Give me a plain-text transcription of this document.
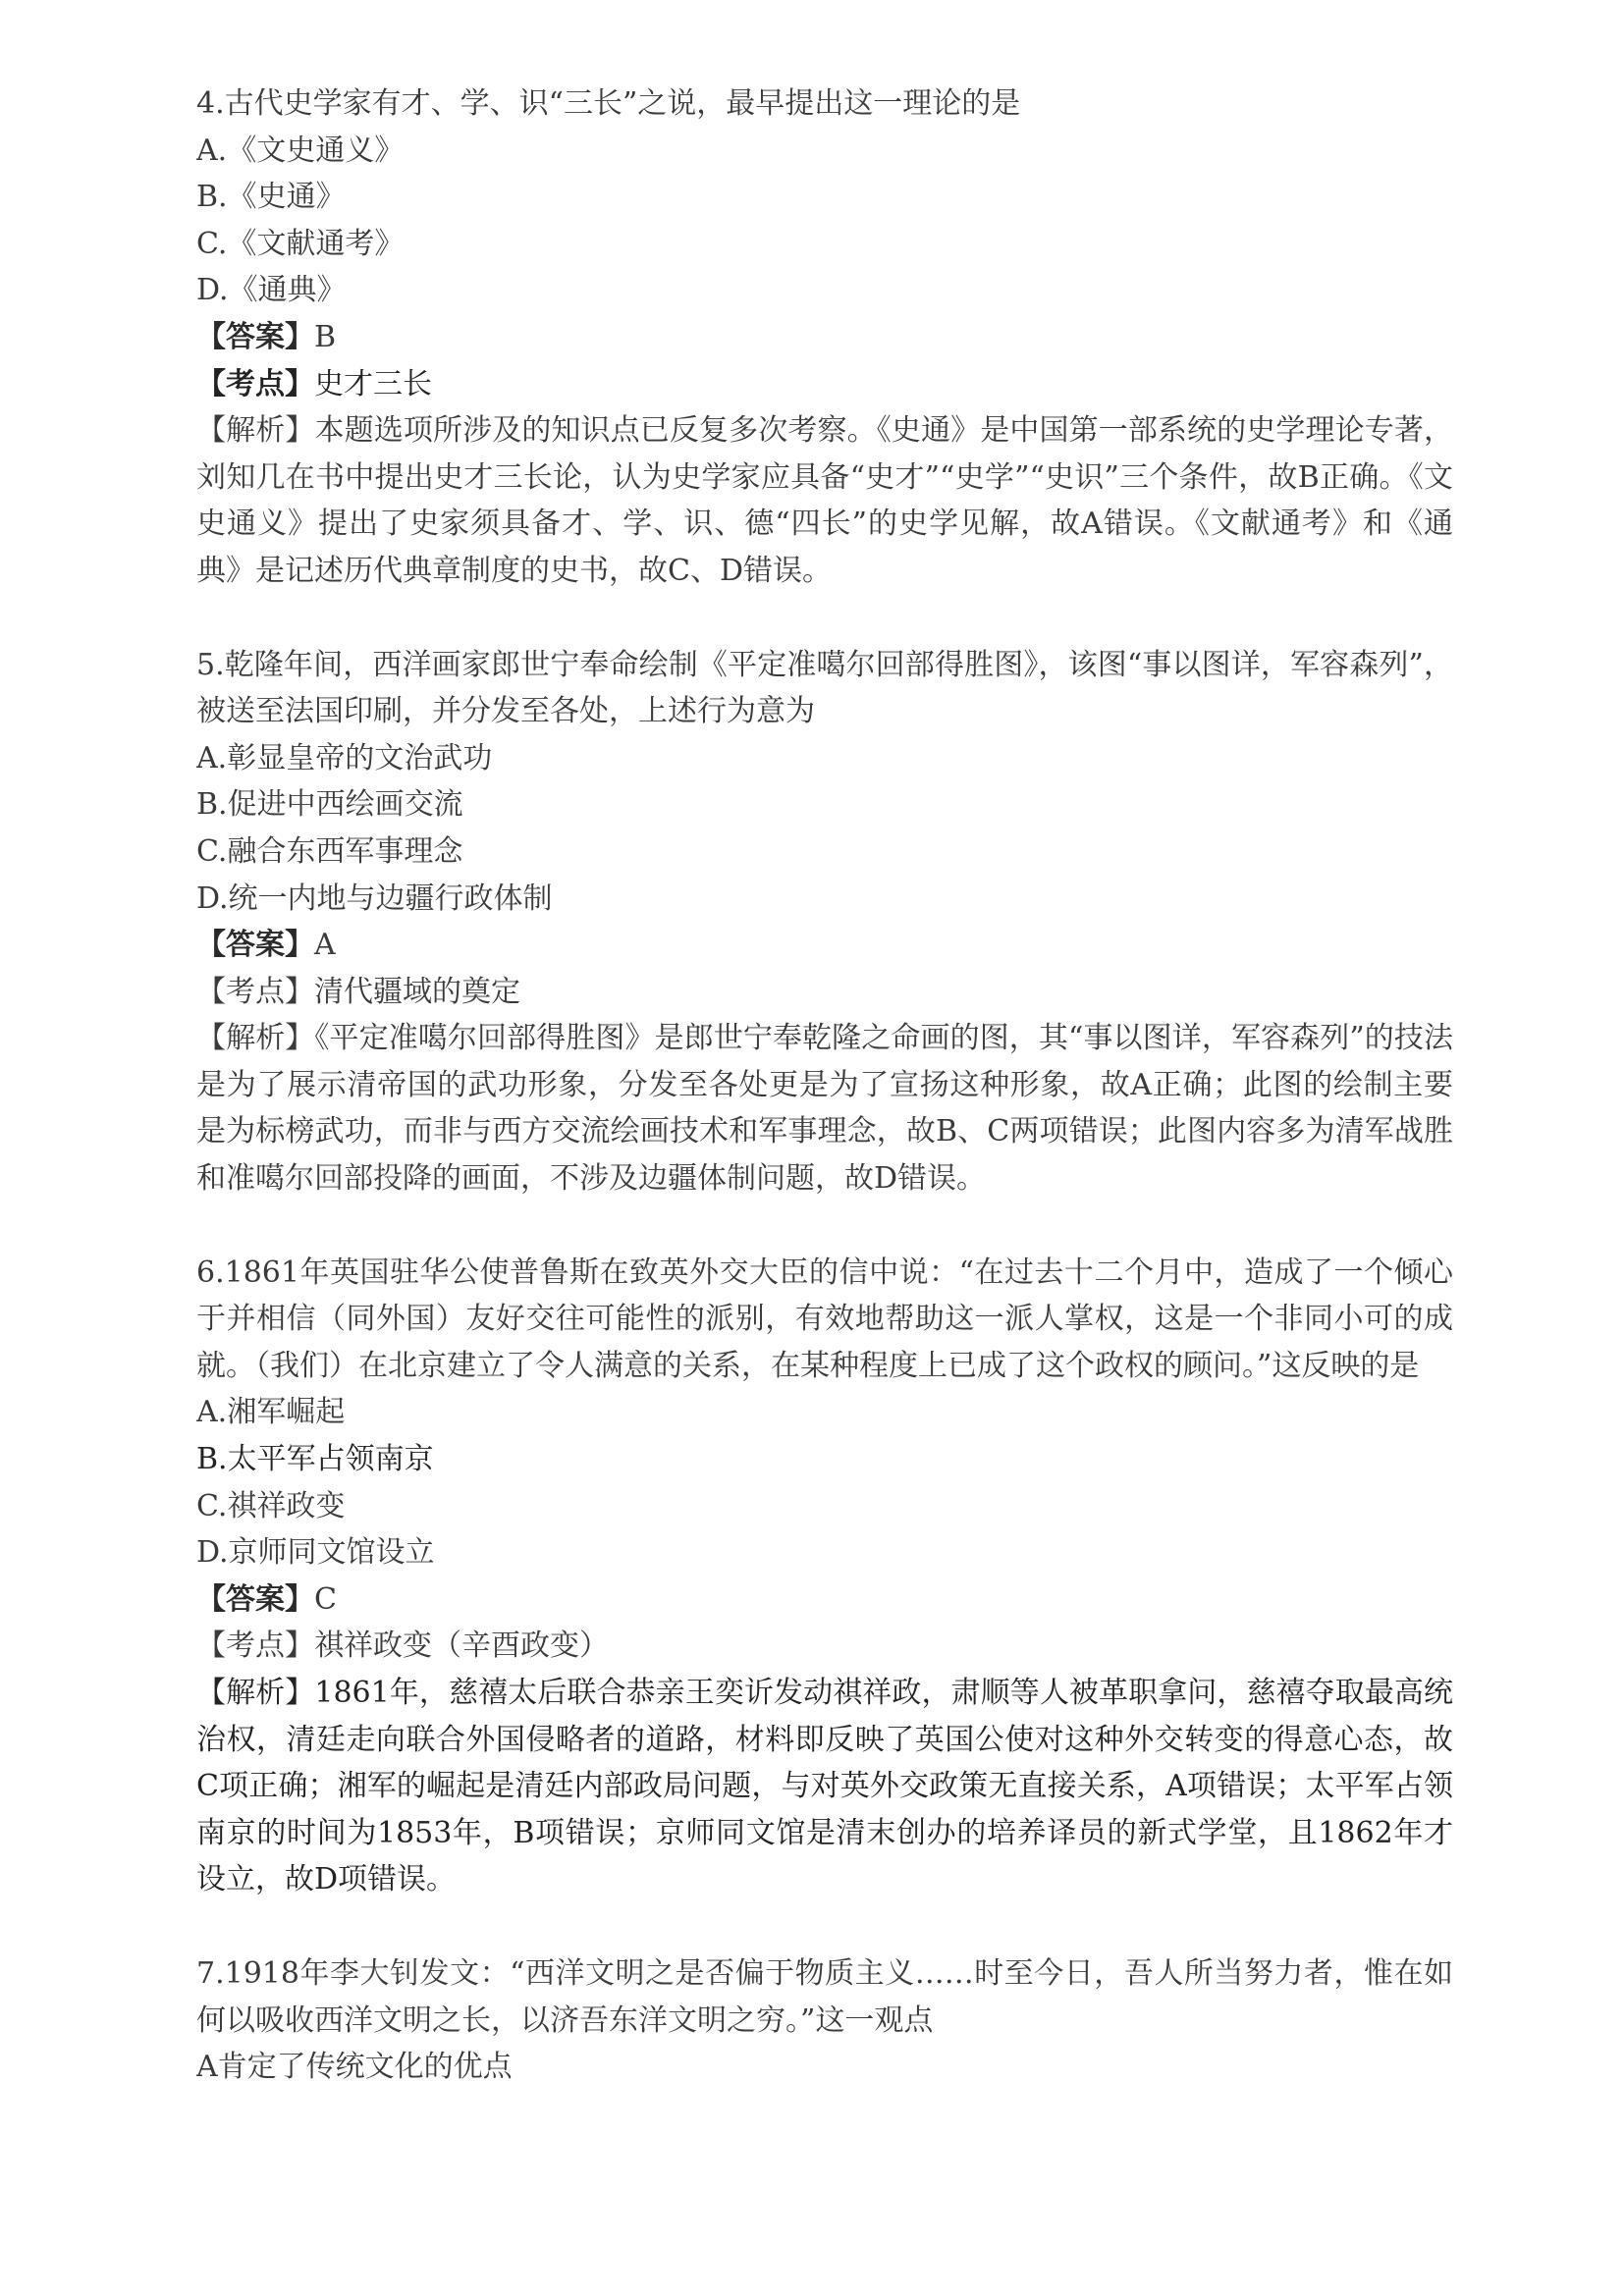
4.古代史学家有才、学、识“三长”之说，最早提出这一理论的是
A.《文史通义》
B.《史通》
C.《文献通考》
D.《通典》
【答案】B
【考点】史才三长
【解析】本题选项所涉及的知识点已反复多次考察。《史通》是中国第一部系统的史学理论专著，刘知几在书中提出史才三长论，认为史学家应具备“史才”“史学”“史识”三个条件，故B正确。《文史通义》提出了史家须具备才、学、识、德“四长”的史学见解，故A错误。《文献通考》和《通典》是记述历代典章制度的史书，故C、D错误。
5.乾隆年间，西洋画家郎世宁奉命绘制《平定准噶尔回部得胜图》，该图“事以图详，军容森列”，被送至法国印刷，并分发至各处，上述行为意为
A.彰显皇帝的文治武功
B.促进中西绘画交流
C.融合东西军事理念
D.统一内地与边疆行政体制
【答案】A
【考点】清代疆域的奠定
【解析】《平定准噶尔回部得胜图》是郎世宁奉乾隆之命画的图，其“事以图详，军容森列”的技法是为了展示清帝国的武功形象，分发至各处更是为了宣扬这种形象，故A正确；此图的绘制主要是为标榜武功，而非与西方交流绘画技术和军事理念，故B、C两项错误；此图内容多为清军战胜和准噶尔回部投降的画面，不涉及边疆体制问题，故D错误。
6.1861年英国驻华公使普鲁斯在致英外交大臣的信中说：“在过去十二个月中，造成了一个倾心于并相信（同外国）友好交往可能性的派别，有效地帮助这一派人掌权，这是一个非同小可的成就。（我们）在北京建立了令人满意的关系，在某种程度上已成了这个政权的顾问。”这反映的是
A.湘军崛起
B.太平军占领南京
C.祺祥政变
D.京师同文馆设立
【答案】C
【考点】祺祥政变（辛酉政变）
【解析】1861年，慈禧太后联合恭亲王奕䜣发动祺祥政，肃顺等人被革职拿问，慈禧夺取最高统治权，清廷走向联合外国侵略者的道路，材料即反映了英国公使对这种外交转变的得意心态，故C项正确；湘军的崛起是清廷内部政局问题，与对英外交政策无直接关系，A项错误；太平军占领南京的时间为1853年，B项错误；京师同文馆是清末创办的培养译员的新式学堂，且1862年才设立，故D项错误。
7.1918年李大钊发文：“西洋文明之是否偏于物质主义……时至今日，吾人所当努力者，惟在如何以吸收西洋文明之长，以济吾东洋文明之穷。”这一观点
A肯定了传统文化的优点
